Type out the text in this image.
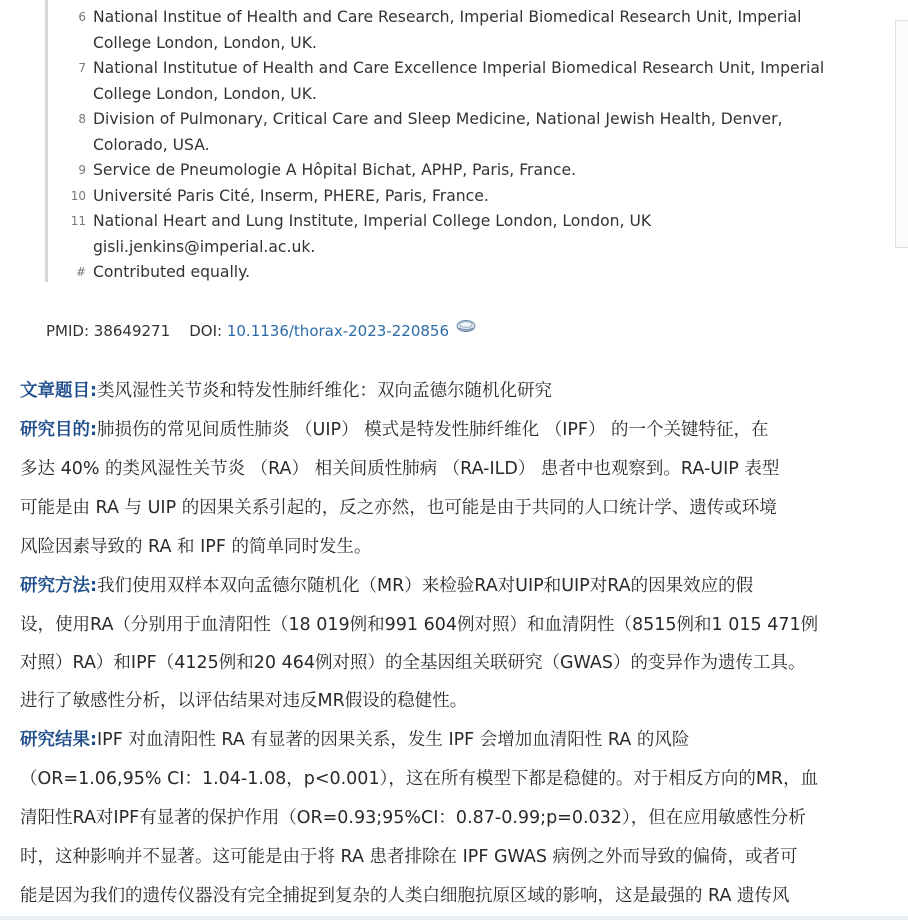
6 National Institue of Health and Care Research, Imperial Biomedical Research Unit, Imperial
College London, London, UK.
7 National Institutue of Health and Care Excellence Imperial Biomedical Research Unit, Imperial
College London, London, UK.
8 Division of Pulmonary, Critical Care and Sleep Medicine, National Jewish Health, Denver,
Colorado, USA.
9 Service de Pneumologie A Hôpital Bichat, APHP, Paris, France.
10 Université Paris Cité, Inserm, PHERE, Paris, France.
11 National Heart and Lung Institute, Imperial College London, London, UK
gisli.jenkins@imperial.ac.uk.
# Contributed equally.
PMID: 38649271 DOI: 10.1136/thorax-2023-220856
文章题目:类风湿性关节炎和特发性肺纤维化：双向孟德尔随机化研究
研究目的:肺损伤的常见间质性肺炎 （UIP） 模式是特发性肺纤维化 （IPF） 的一个关键特征，在
多达 40% 的类风湿性关节炎 （RA） 相关间质性肺病 （RA-ILD） 患者中也观察到。RA-UIP 表型
可能是由 RA 与 UIP 的因果关系引起的，反之亦然，也可能是由于共同的人口统计学、遗传或环境
风险因素导致的 RA 和 IPF 的简单同时发生。
研究方法:我们使用双样本双向孟德尔随机化（MR）来检验RA对UIP和UIP对RA的因果效应的假
设，使用RA（分别用于血清阳性（18 019例和991 604例对照）和血清阴性（8515例和1 015 471例
对照）RA）和IPF（4125例和20 464例对照）的全基因组关联研究（GWAS）的变异作为遗传工具。
进行了敏感性分析，以评估结果对违反MR假设的稳健性。
研究结果:IPF 对血清阳性 RA 有显著的因果关系，发生 IPF 会增加血清阳性 RA 的风险
（OR=1.06,95% CI：1.04-1.08，p<0.001），这在所有模型下都是稳健的。对于相反方向的MR，血
清阳性RA对IPF有显著的保护作用（OR=0.93;95%CI：0.87-0.99;p=0.032），但在应用敏感性分析
时，这种影响并不显著。这可能是由于将 RA 患者排除在 IPF GWAS 病例之外而导致的偏倚，或者可
能是因为我们的遗传仪器没有完全捕捉到复杂的人类白细胞抗原区域的影响，这是最强的 RA 遗传风
